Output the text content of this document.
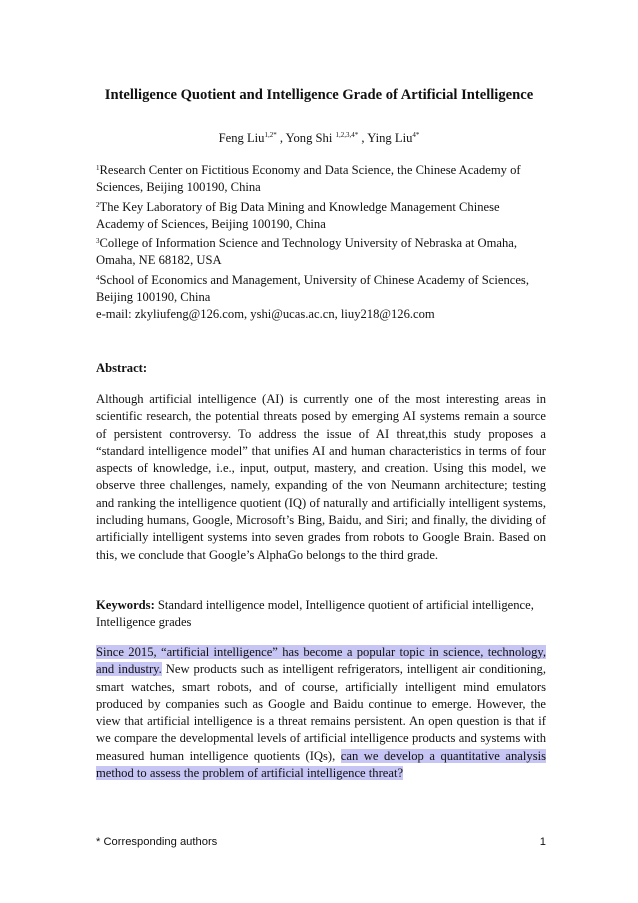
Intelligence Quotient and Intelligence Grade of Artificial Intelligence
Feng Liu$^{1,2*}$ , Yong Shi $^{1,2,3,4*}$ , Ying Liu$^{4*}$
$^1$Research Center on Fictitious Economy and Data Science, the Chinese Academy of
Sciences, Beijing 100190, China
$^2$The Key Laboratory of Big Data Mining and Knowledge Management Chinese
Academy of Sciences, Beijing 100190, China
$^3$College of Information Science and Technology University of Nebraska at Omaha,
Omaha, NE 68182, USA
$^4$School of Economics and Management, University of Chinese Academy of Sciences,
Beijing 100190, China
e-mail: zkyliufeng@126.com, yshi@ucas.ac.cn, liuy218@126.com
Abstract:
Although artificial intelligence (AI) is currently one of the most interesting areas in scientific research, the potential threats posed by emerging AI systems remain a source of persistent controversy. To address the issue of AI threat,this study proposes a “standard intelligence model” that unifies AI and human characteristics in terms of four aspects of knowledge, i.e., input, output, mastery, and creation. Using this model, we observe three challenges, namely, expanding of the von Neumann architecture; testing and ranking the intelligence quotient (IQ) of naturally and artificially intelligent systems, including humans, Google, Microsoft’s Bing, Baidu, and Siri; and finally, the dividing of artificially intelligent systems into seven grades from robots to Google Brain. Based on this, we conclude that Google’s AlphaGo belongs to the third grade.
Keywords: Standard intelligence model, Intelligence quotient of artificial intelligence, Intelligence grades
Since 2015, “artificial intelligence” has become a popular topic in science, technology, and industry. New products such as intelligent refrigerators, intelligent air conditioning, smart watches, smart robots, and of course, artificially intelligent mind emulators produced by companies such as Google and Baidu continue to emerge. However, the view that artificial intelligence is a threat remains persistent. An open question is that if we compare the developmental levels of artificial intelligence products and systems with measured human intelligence quotients (IQs), can we develop a quantitative analysis method to assess the problem of artificial intelligence threat?
* Corresponding authors	1
